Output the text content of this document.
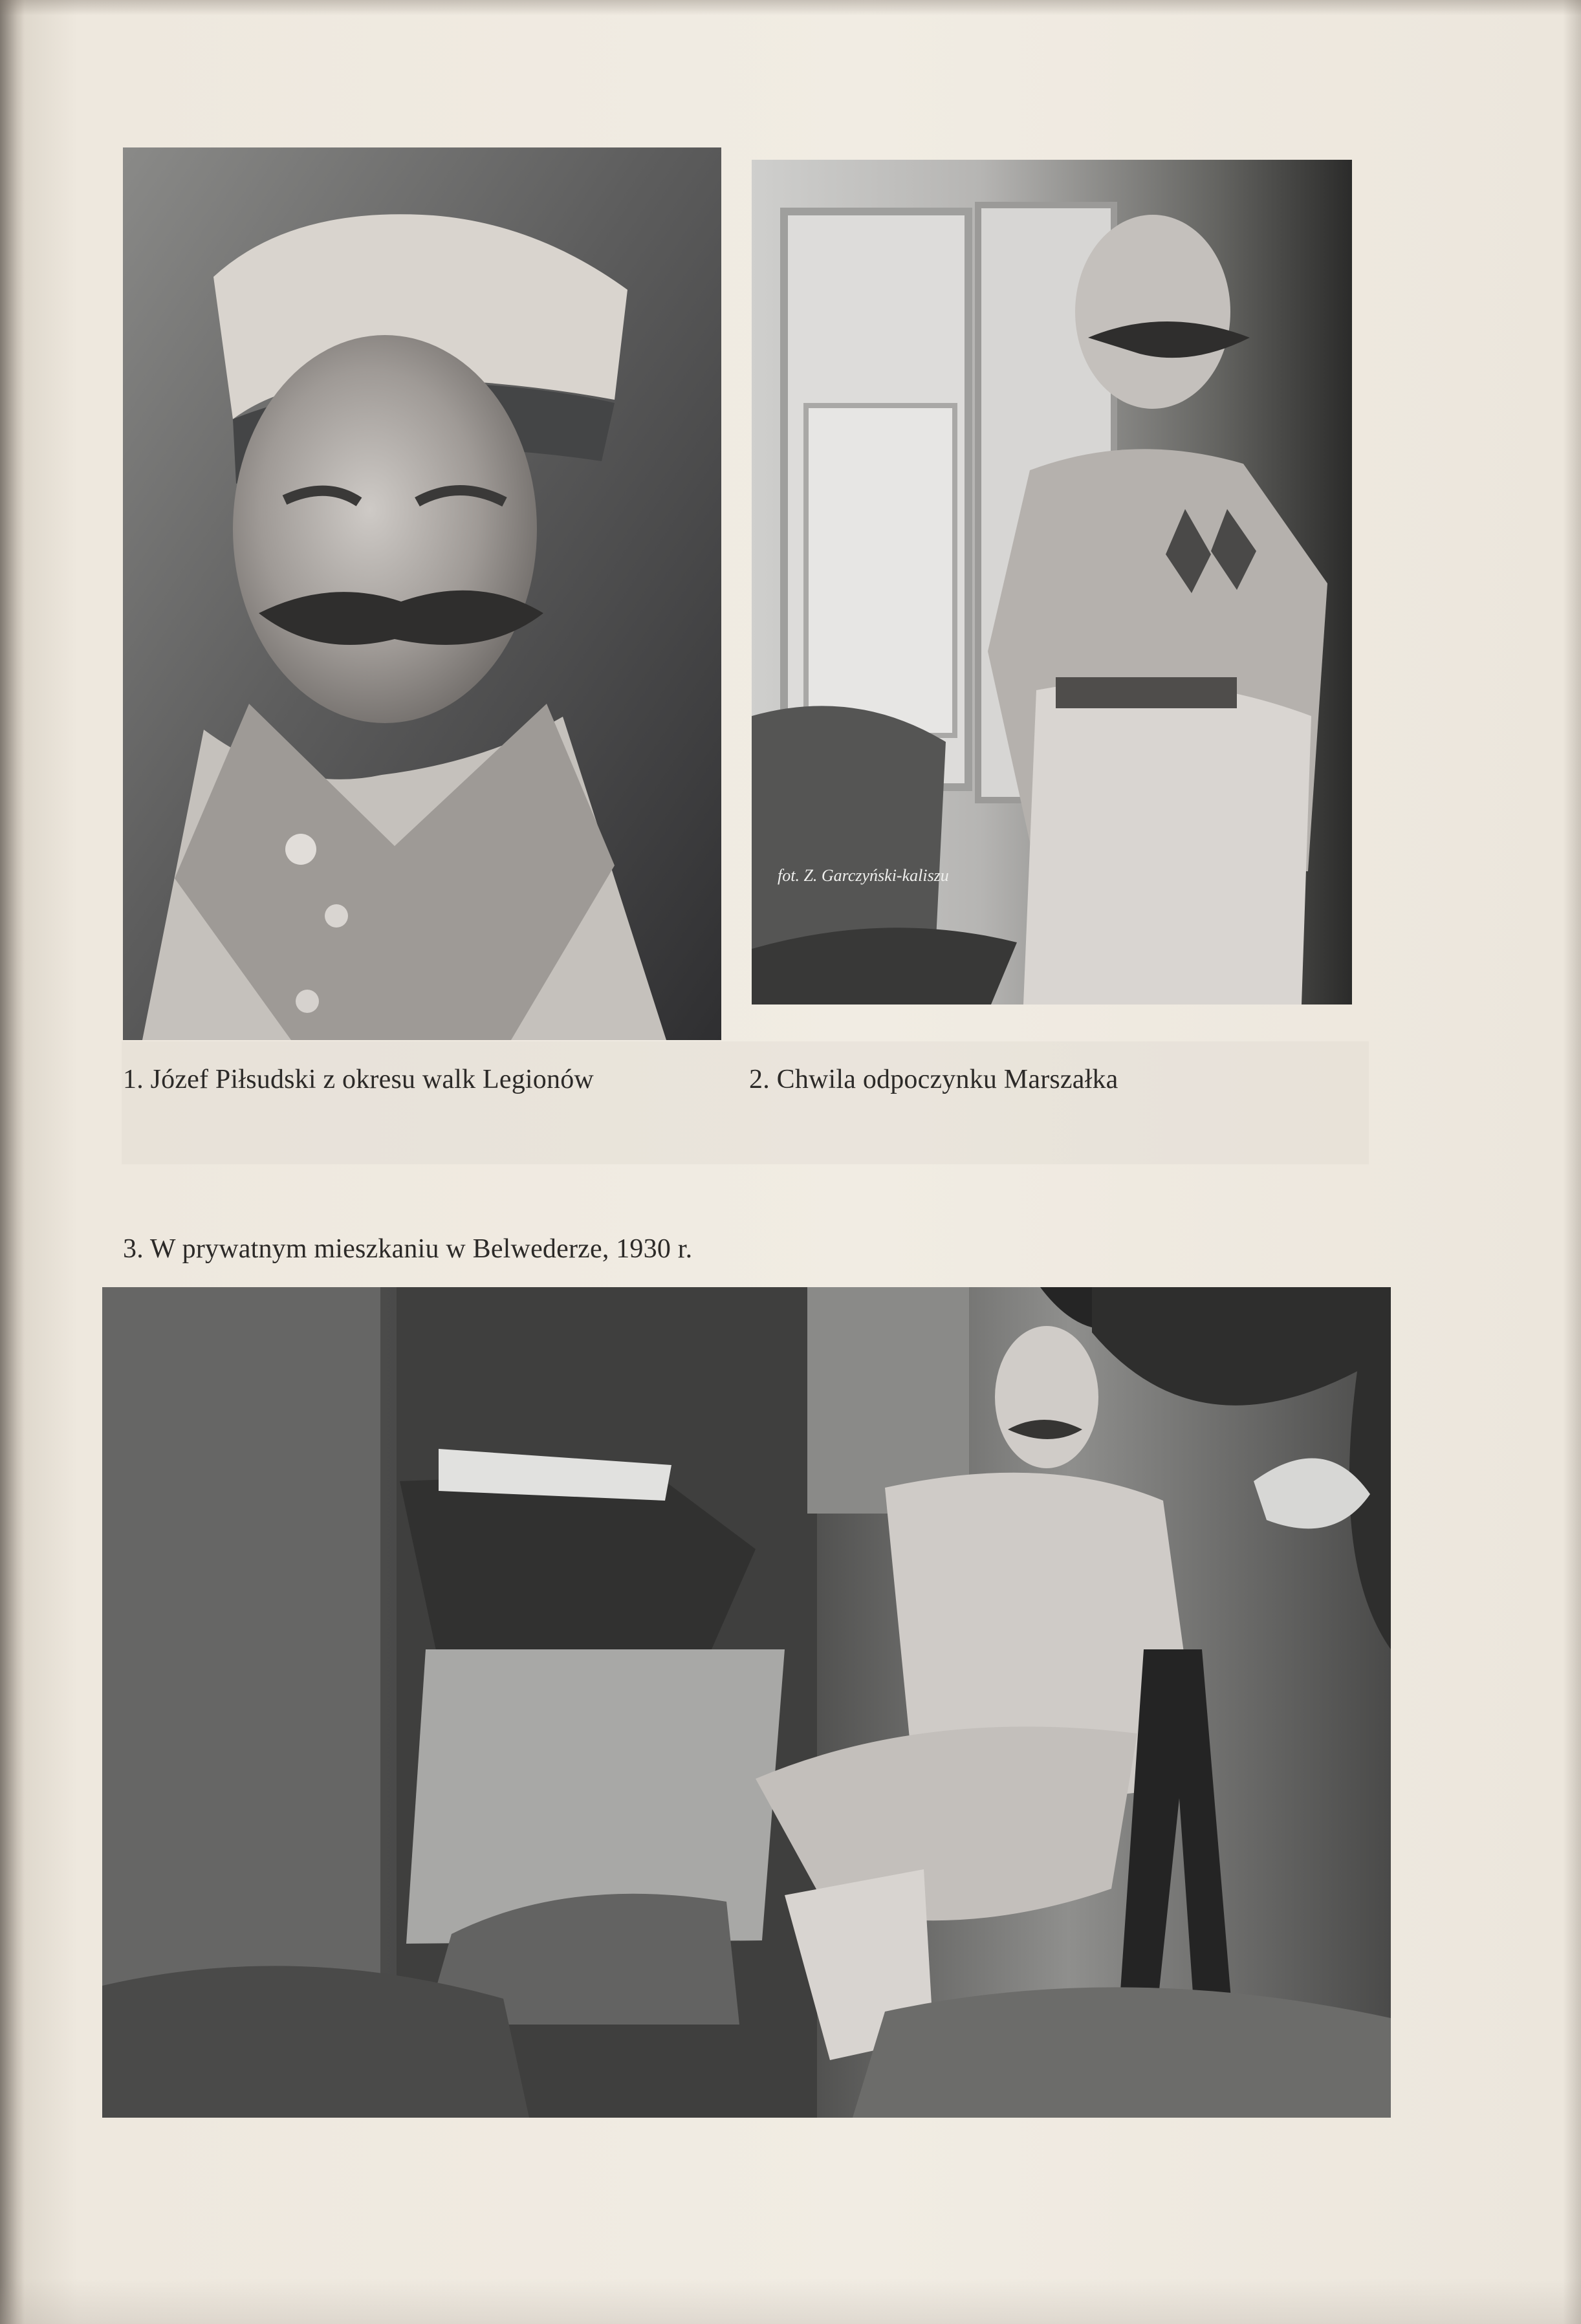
fot. Z. Garczyński-kaliszu
1. Józef Piłsudski z okresu walk Legionów	2. Chwila odpoczynku Marszałka
3. W prywatnym mieszkaniu w Belwederze, 1930 r.
